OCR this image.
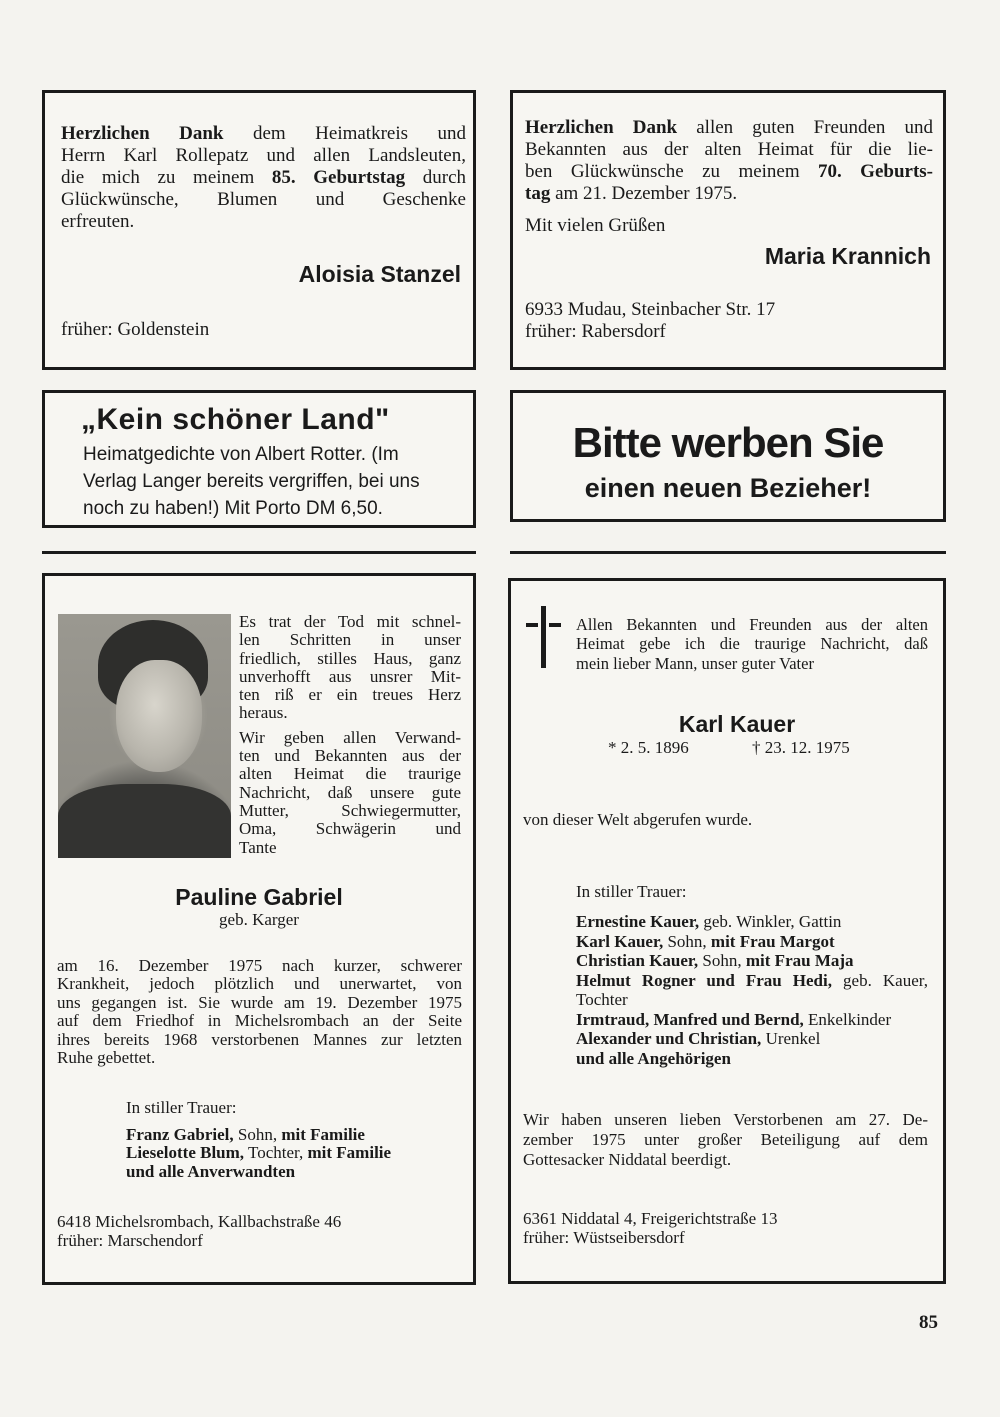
Herzlichen Dank dem Heimatkreis und
Herrn Karl Rollepatz und allen Landsleuten,
die mich zu meinem 85. Geburtstag durch
Glückwünsche, Blumen und Geschenke
erfreuten.
Aloisia Stanzel
früher: Goldenstein
Herzlichen Dank allen guten Freunden und
Bekannten aus der alten Heimat für die lie-
ben Glückwünsche zu meinem 70. Geburts-
tag am 21. Dezember 1975.
Mit vielen Grüßen
Maria Krannich
6933 Mudau, Steinbacher Str. 17
früher: Rabersdorf
„Kein schöner Land"
Heimatgedichte von Albert Rotter. (Im
Verlag Langer bereits vergriffen, bei uns
noch zu haben!) Mit Porto DM 6,50.
Bitte werben Sie
einen neuen Bezieher!
Es trat der Tod mit schnel-
len Schritten in unser
friedlich, stilles Haus, ganz
unverhofft aus unsrer Mit-
ten riß er ein treues Herz
heraus.
Wir geben allen Verwand-
ten und Bekannten aus der
alten Heimat die traurige
Nachricht, daß unsere gute
Mutter, Schwiegermutter,
Oma, Schwägerin und
Tante
Pauline Gabriel
geb. Karger
am 16. Dezember 1975 nach kurzer, schwerer
Krankheit, jedoch plötzlich und unerwartet, von
uns gegangen ist. Sie wurde am 19. Dezember 1975
auf dem Friedhof in Michelsrombach an der Seite
ihres bereits 1968 verstorbenen Mannes zur letzten
Ruhe gebettet.
In stiller Trauer:
Franz Gabriel, Sohn, mit Familie
Lieselotte Blum, Tochter, mit Familie
und alle Anverwandten
6418 Michelsrombach, Kallbachstraße 46
früher: Marschendorf
Allen Bekannten und Freunden aus der alten
Heimat gebe ich die traurige Nachricht, daß
mein lieber Mann, unser guter Vater
Karl Kauer
* 2. 5. 1896	† 23. 12. 1975
von dieser Welt abgerufen wurde.
In stiller Trauer:
Ernestine Kauer, geb. Winkler, Gattin
Karl Kauer, Sohn, mit Frau Margot
Christian Kauer, Sohn, mit Frau Maja
Helmut Rogner und Frau Hedi, geb. Kauer,
Tochter
Irmtraud, Manfred und Bernd, Enkelkinder
Alexander und Christian, Urenkel
und alle Angehörigen
Wir haben unseren lieben Verstorbenen am 27. De-
zember 1975 unter großer Beteiligung auf dem
Gottesacker Niddatal beerdigt.
6361 Niddatal 4, Freigerichtstraße 13
früher: Wüstseibersdorf
85
